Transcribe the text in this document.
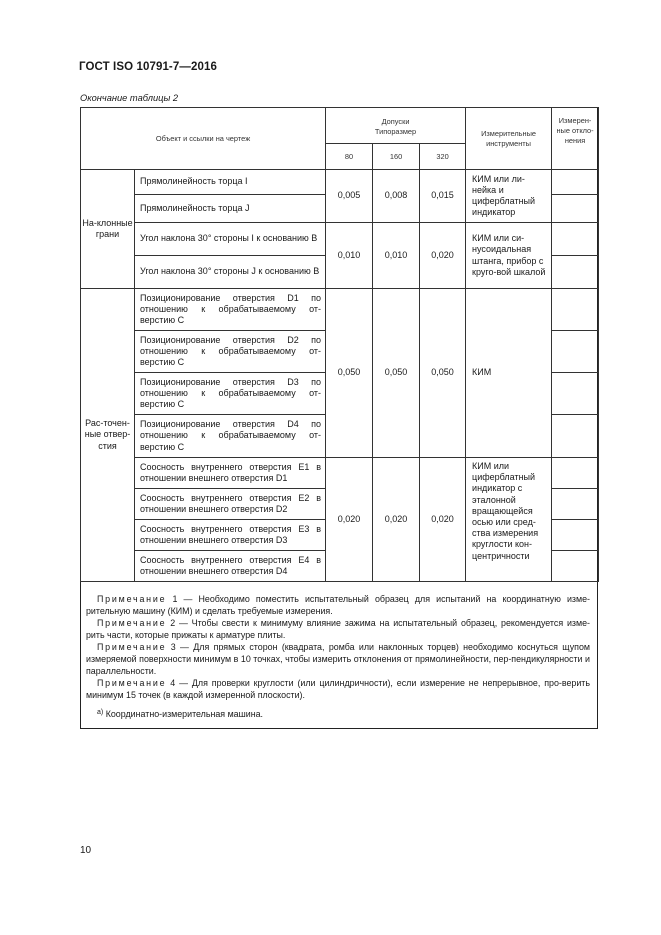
ГОСТ ISO 10791-7—2016
Окончание таблицы 2
Объект и ссылки на чертеж		Допуски
Типоразмер			Измерительные инструменты	Измерен-ные откло-нения
		80	160	320		
На-клонные грани	Прямолинейность торца I	0,005	0,008	0,015	КИМ или ли-нейка и циферблатный индикатор	
	Прямолинейность торца J					
	Угол наклона 30° стороны I к основанию B	0,010	0,010	0,020	КИМ или си-нусоидальная штанга, прибор с круго-вой шкалой	
	Угол наклона 30° стороны J к основанию B					
Рас-точен-ные отвер-стия	Позиционирование отверстия D1 по отношению к обрабатываемому от-верстию C	0,050	0,050	0,050	КИМ	
	Позиционирование отверстия D2 по отношению к обрабатываемому от-верстию C					
	Позиционирование отверстия D3 по отношению к обрабатываемому от-верстию C					
	Позиционирование отверстия D4 по отношению к обрабатываемому от-верстию C					
	Соосность внутреннего отверстия E1 в отношении внешнего отверстия D1	0,020	0,020	0,020	КИМ или циферблатный индикатор с эталонной вращающейся осью или сред-ства измерения круглости кон-центричности	
	Соосность внутреннего отверстия E2 в отношении внешнего отверстия D2					
	Соосность внутреннего отверстия E3 в отношении внешнего отверстия D3					
	Соосность внутреннего отверстия E4 в отношении внешнего отверстия D4					

Примечание 1 — Необходимо поместить испытательный образец для испытаний на координатную изме-рительную машину (КИМ) и сделать требуемые измерения.

Примечание 2 — Чтобы свести к минимуму влияние зажима на испытательный образец, рекомендуется изме-рить части, которые прижаты к арматуре плиты.

Примечание 3 — Для прямых сторон (квадрата, ромба или наклонных торцев) необходимо коснуться щупом измеряемой поверхности минимум в 10 точках, чтобы измерить отклонения от прямолинейности, пер-пендикулярности и параллельности.

Примечание 4 — Для проверки круглости (или цилиндричности), если измерение не непрерывное, про-верить минимум 15 точек (в каждой измеренной плоскости).

$^{а)}$ Координатно-измерительная машина.

10
